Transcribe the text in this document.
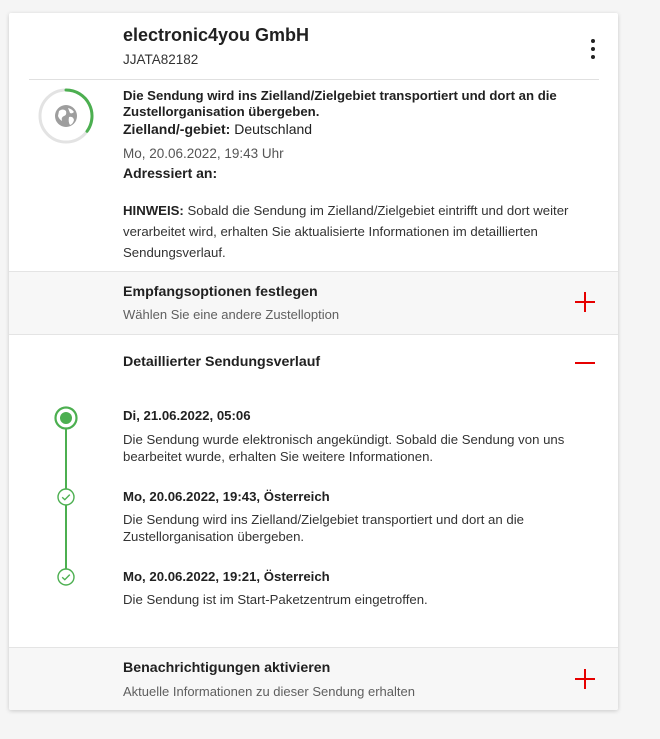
electronic4you GmbH
JJATA82182
Die Sendung wird ins Zielland/Zielgebiet transportiert und dort an die Zustellorganisation übergeben.
Zielland/-gebiet: Deutschland
Mo, 20.06.2022, 19:43 Uhr
Adressiert an:
HINWEIS: Sobald die Sendung im Zielland/Zielgebiet eintrifft und dort weiter verarbeitet wird, erhalten Sie aktualisierte Informationen im detaillierten Sendungsverlauf.
Empfangsoptionen festlegen
Wählen Sie eine andere Zustelloption
Detaillierter Sendungsverlauf
Di, 21.06.2022, 05:06
Die Sendung wurde elektronisch angekündigt. Sobald die Sendung von uns bearbeitet wurde, erhalten Sie weitere Informationen.
Mo, 20.06.2022, 19:43, Österreich
Die Sendung wird ins Zielland/Zielgebiet transportiert und dort an die Zustellorganisation übergeben.
Mo, 20.06.2022, 19:21, Österreich
Die Sendung ist im Start-Paketzentrum eingetroffen.
Benachrichtigungen aktivieren
Aktuelle Informationen zu dieser Sendung erhalten
